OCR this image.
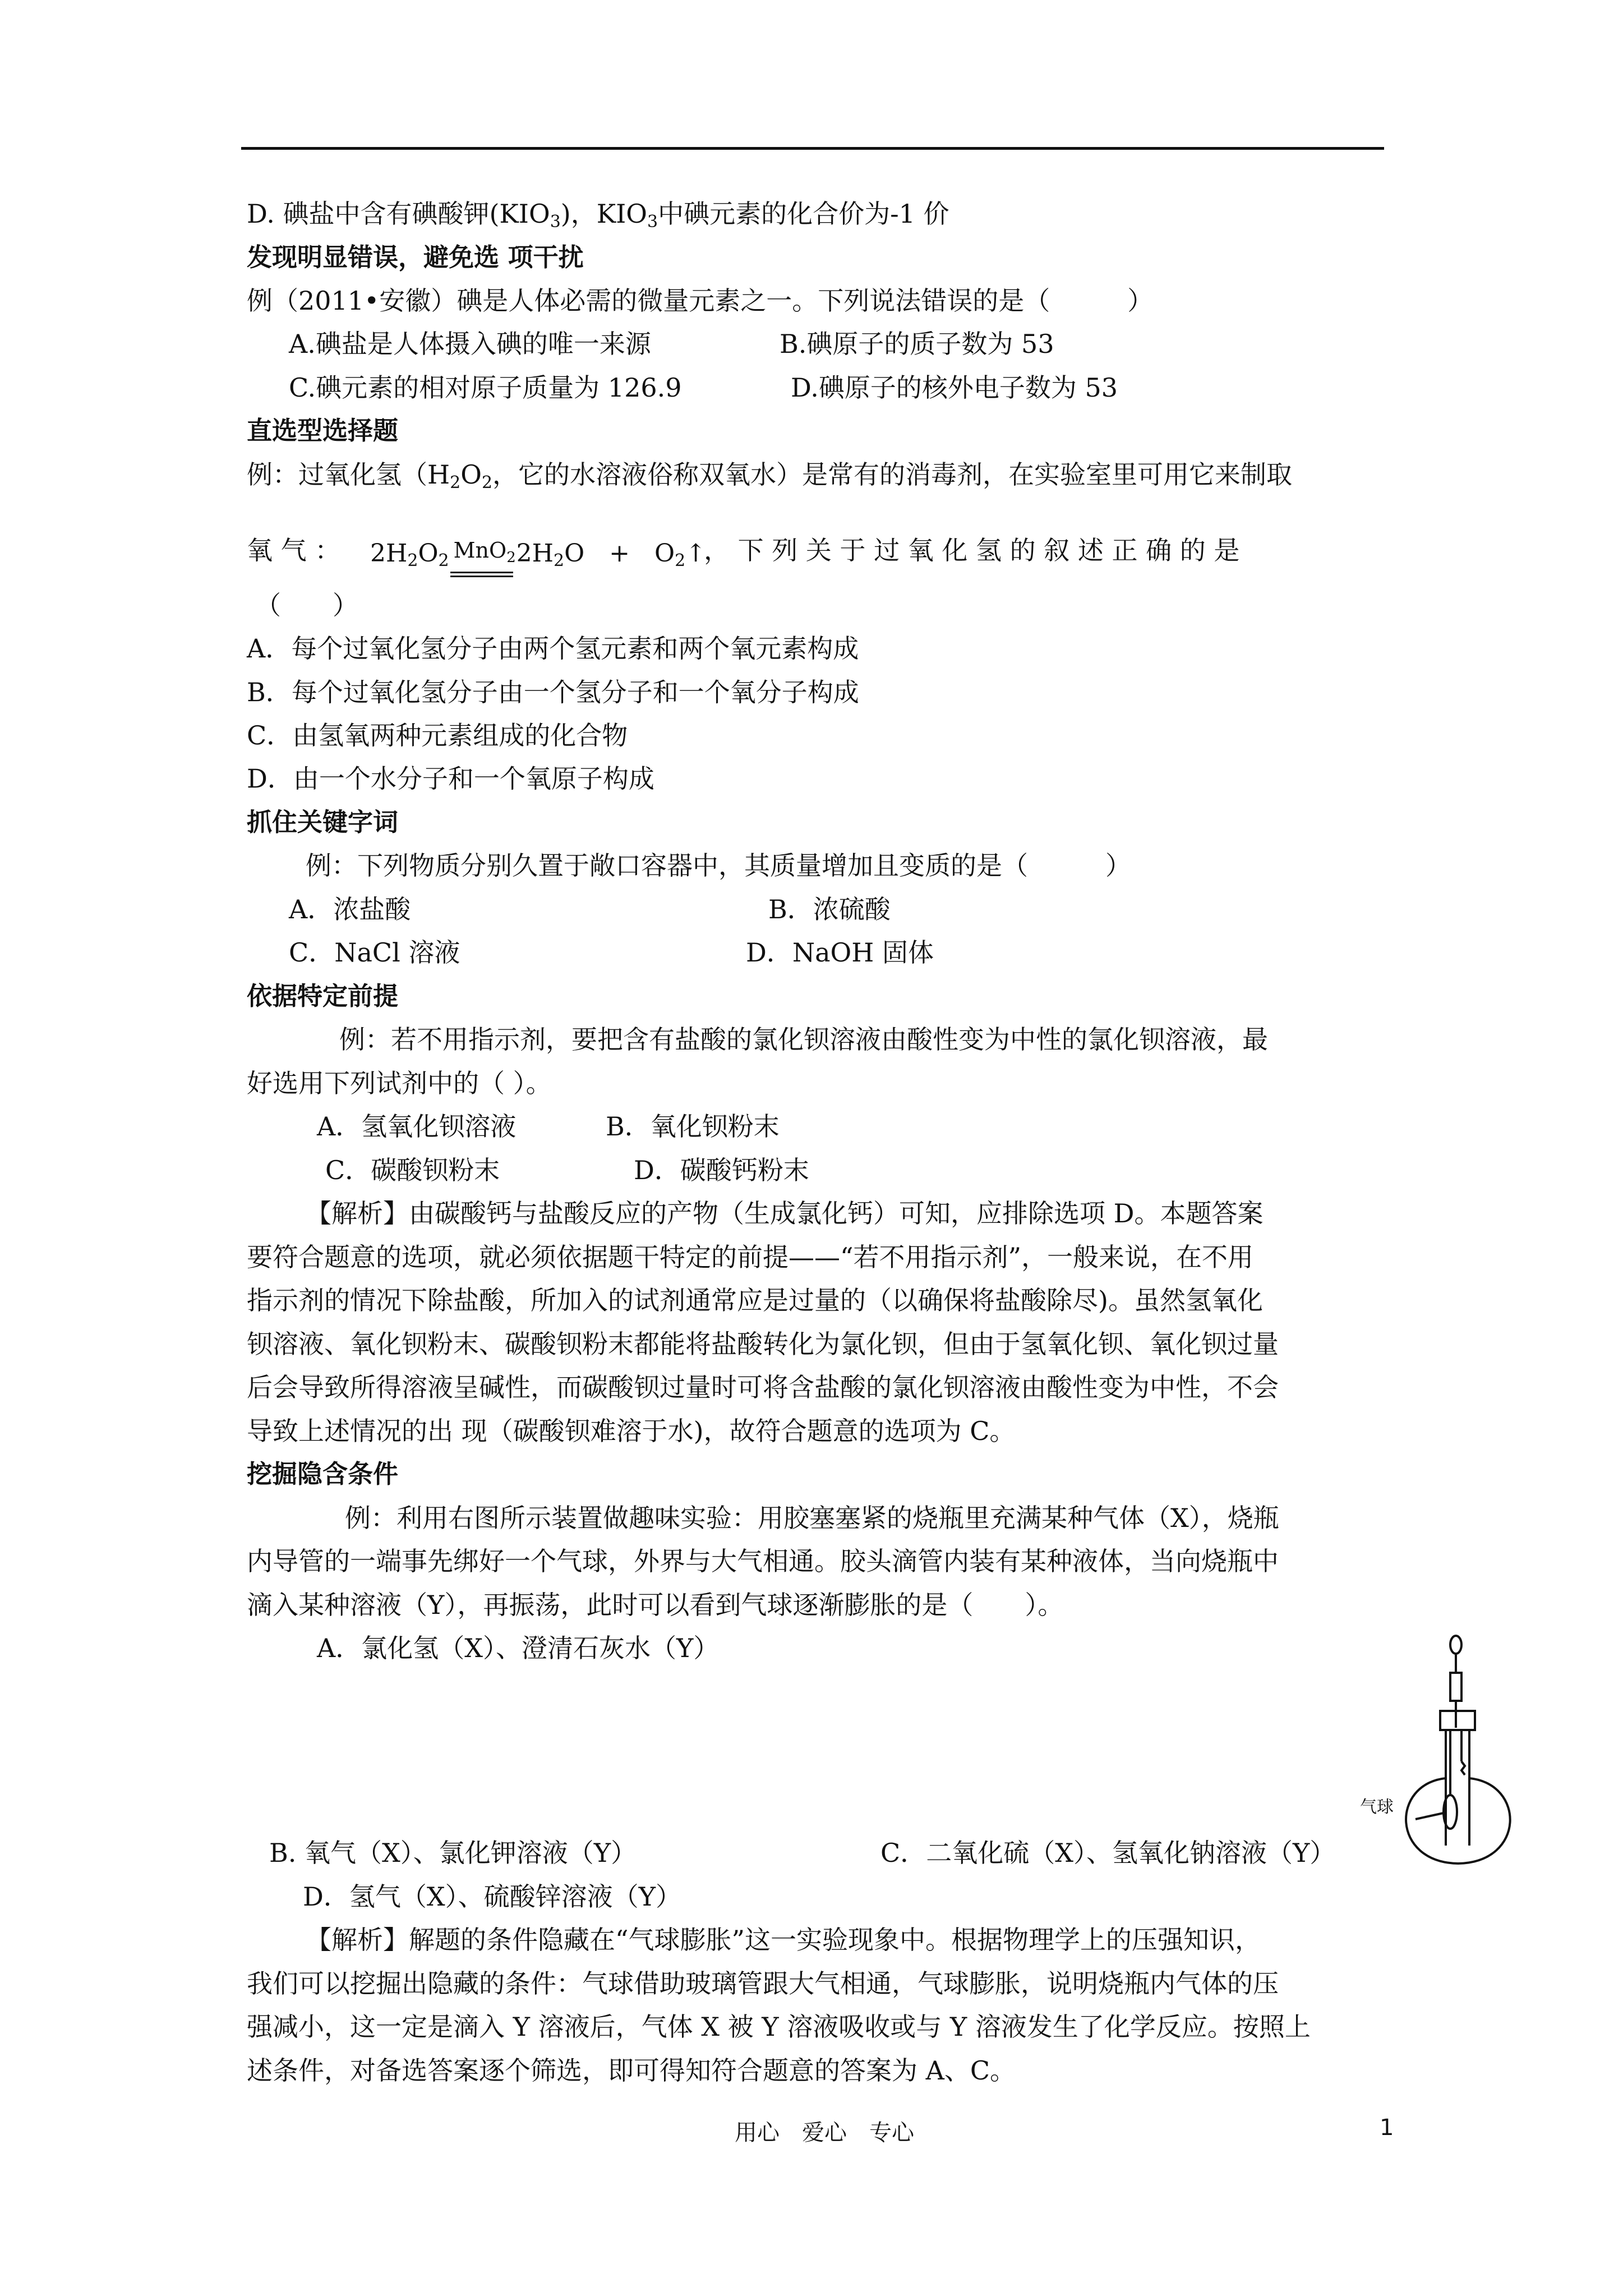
D. 碘盐中含有碘酸钾$(KIO_3)$，$KIO_3$中碘元素的化合价为-1 价
发现明显错误，避免选 项干扰
例（2011•安徽）碘是人体必需的微量元素之一。下列说法错误的是（　　　）
A.碘盐是人体摄入碘的唯一来源	B.碘原子的质子数为 53
C.碘元素的相对原子质量为 126.9	D.碘原子的核外电子数为 53
直选型选择题
例：过氧化氢（$H_2O_2$，它的水溶液俗称双氧水）是常有的消毒剂，在实验室里可用它来制取
氧 气 ： $2H_2O_2$ MnO$_2$ $2H_2O$　+　$O_2↑$
， 下 列 关 于 过 氧 化 氢 的 叙 述 正 确 的 是
（　　）
A．每个过氧化氢分子由两个氢元素和两个氧元素构成
B．每个过氧化氢分子由一个氢分子和一个氧分子构成
C．由氢氧两种元素组成的化合物
D．由一个水分子和一个氧原子构成
抓住关键字词
例：下列物质分别久置于敞口容器中，其质量增加且变质的是（　　　）
A．浓盐酸	B．浓硫酸
C．NaCl 溶液	D．NaOH 固体
依据特定前提
例：若不用指示剂，要把含有盐酸的氯化钡溶液由酸性变为中性的氯化钡溶液，最
好选用下列试剂中的（ ）。
A．氢氧化钡溶液	B．氧化钡粉末
C．碳酸钡粉末	D．碳酸钙粉末
【解析】由碳酸钙与盐酸反应的产物（生成氯化钙）可知，应排除选项 D。本题答案
要符合题意的选项，就必须依据题干特定的前提——“若不用指示剂”，一般来说，在不用
指示剂的情况下除盐酸，所加入的试剂通常应是过量的（以确保将盐酸除尽)。虽然氢氧化
钡溶液、氧化钡粉末、碳酸钡粉末都能将盐酸转化为氯化钡，但由于氢氧化钡、氧化钡过量
后会导致所得溶液呈碱性，而碳酸钡过量时可将含盐酸的氯化钡溶液由酸性变为中性，不会
导致上述情况的出 现（碳酸钡难溶于水)，故符合题意的选项为 C。
挖掘隐含条件
例：利用右图所示装置做趣味实验：用胶塞塞紧的烧瓶里充满某种气体（X），烧瓶
内导管的一端事先绑好一个气球，外界与大气相通。胶头滴管内装有某种液体，当向烧瓶中
滴入某种溶液（Y），再振荡，此时可以看到气球逐渐膨胀的是（　　）。
A．氯化氢（X）、澄清石灰水（Y）
气球
B. 氧气（X）、氯化钾溶液（Y）	C．二氧化硫（X）、氢氧化钠溶液（Y）
D．氢气（X）、硫酸锌溶液（Y）
【解析】解题的条件隐藏在“气球膨胀”这一实验现象中。根据物理学上的压强知识，
我们可以挖掘出隐藏的条件：气球借助玻璃管跟大气相通，气球膨胀，说明烧瓶内气体的压
强减小，这一定是滴入 Y 溶液后，气体 X 被 Y 溶液吸收或与 Y 溶液发生了化学反应。按照上
述条件，对备选答案逐个筛选，即可得知符合题意的答案为 A、C。
用心　爱心　专心	1
